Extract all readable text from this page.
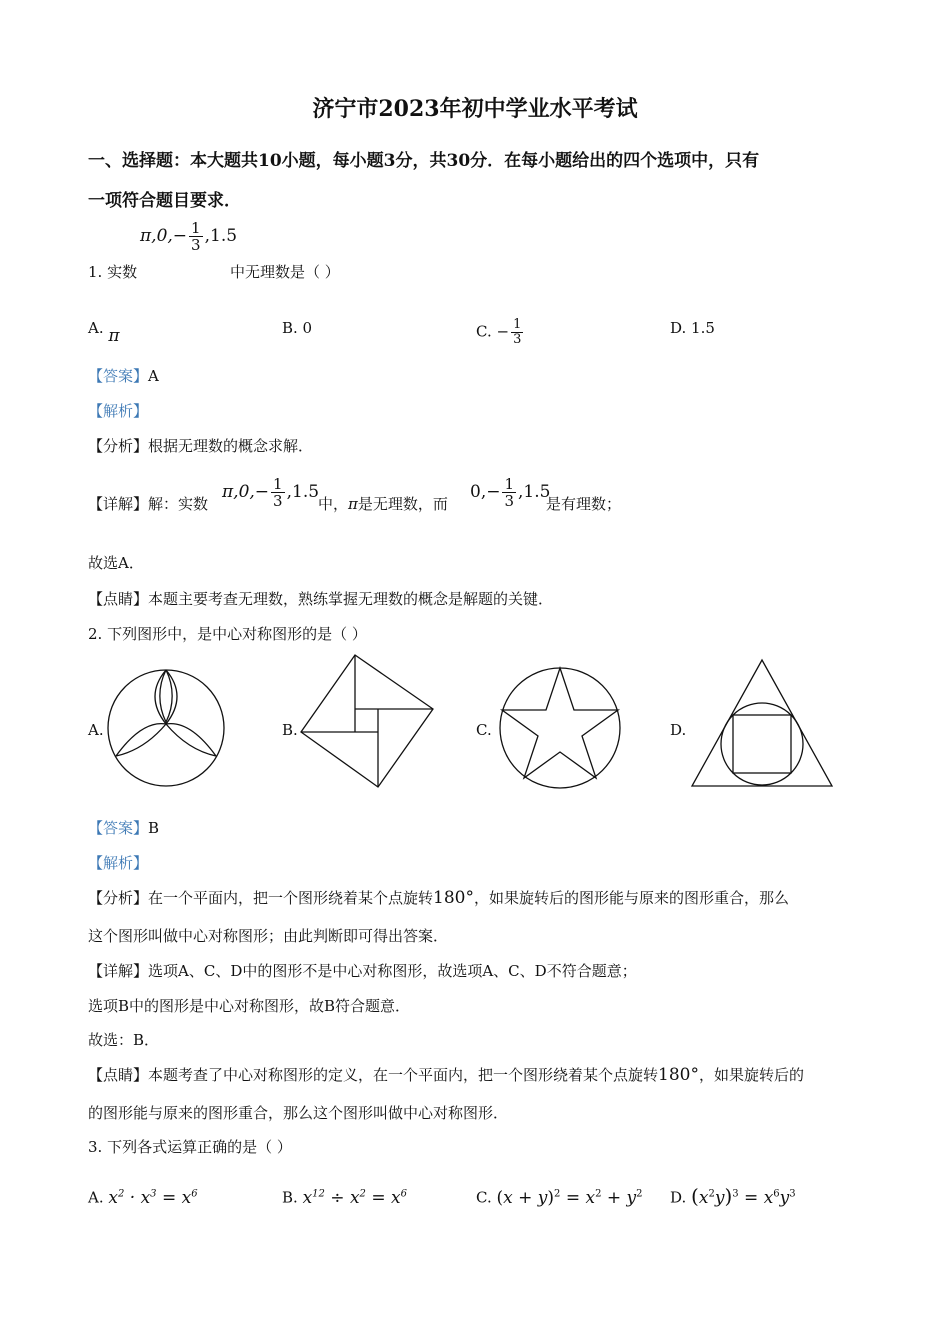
济宁市2023年初中学业水平考试
一、选择题：本大题共10小题，每小题3分，共30分．在每小题给出的四个选项中，只有
一项符合题目要求．
$\pi,0,- \frac{1}{3} ,1.5$
1. 实数	中无理数是（ ）
A. π	B. 0	C. − $\frac{1}{3}$	D. 1.5
【答案】A
【解析】
【分析】根据无理数的概念求解．
【详解】解：实数
$\pi,0,- \frac{1}{3} ,1.5$
中，π是无理数，而
$0,- \frac{1}{3} ,1.5$
是有理数；
故选A．
【点睛】本题主要考查无理数，熟练掌握无理数的概念是解题的关键．
2. 下列图形中，是中心对称图形的是（ ）
A.	B.	C.	D.
【答案】B
【解析】
【分析】在一个平面内，把一个图形绕着某个点旋转180°，如果旋转后的图形能与原来的图形重合，那么
这个图形叫做中心对称图形；由此判断即可得出答案．
【详解】选项A、C、D中的图形不是中心对称图形，故选项A、C、D不符合题意；
选项B中的图形是中心对称图形，故B符合题意．
故选：B．
【点睛】本题考查了中心对称图形的定义，在一个平面内，把一个图形绕着某个点旋转180°，如果旋转后的
的图形能与原来的图形重合，那么这个图形叫做中心对称图形．
3. 下列各式运算正确的是（ ）
A. $x^2 \cdot x^3 = x^6$	B. $x^{12} \div x^2 = x^6$	C. $(x + y)^2 = x^2 + y^2$ D. $(x^2y)^3 = x^6y^3$
